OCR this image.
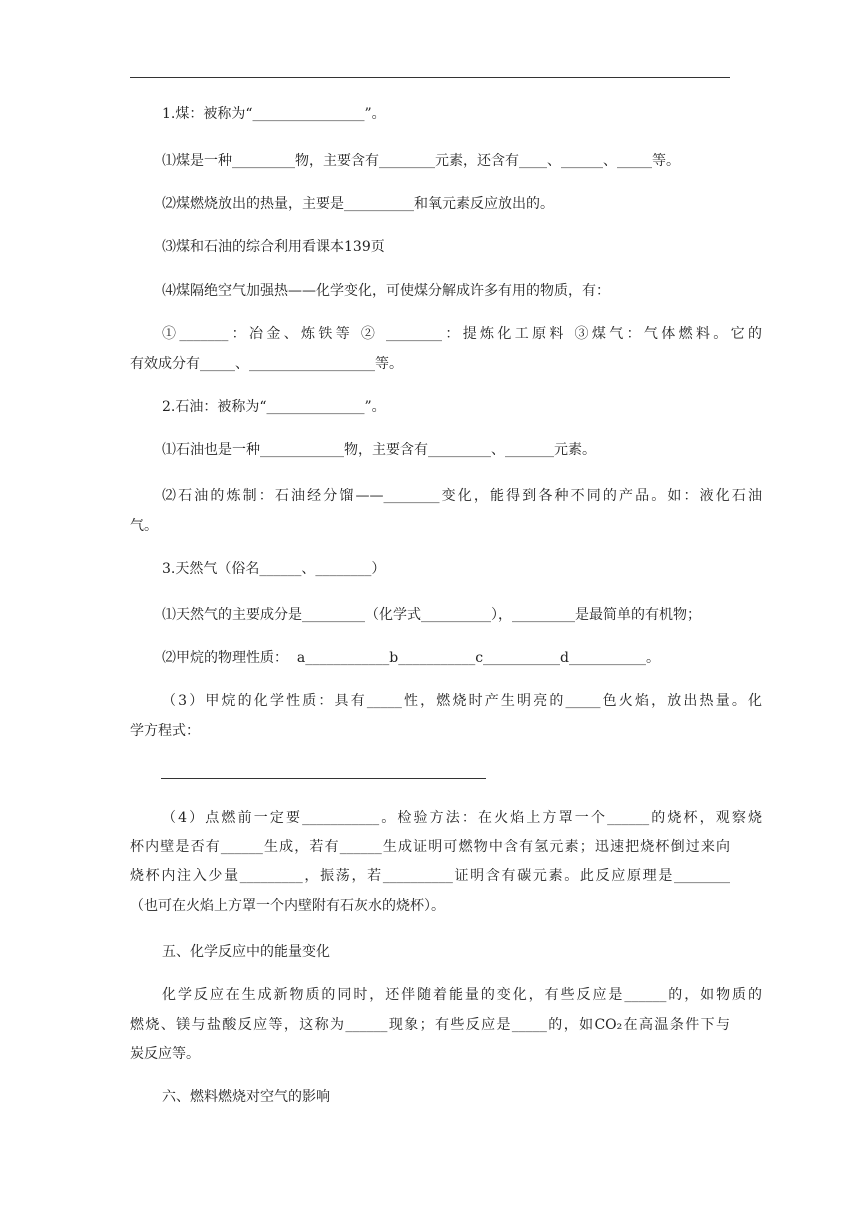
1.煤：被称为“________________”。
⑴煤是一种_________物，主要含有________元素，还含有____、______、_____等。
⑵煤燃烧放出的热量，主要是__________和氧元素反应放出的。
⑶煤和石油的综合利用看课本139页
⑷煤隔绝空气加强热——化学变化，可使煤分解成许多有用的物质，有：
①_______：冶金、炼铁等 ② ________：提炼化工原料 ③煤气：气体燃料。它的
有效成分有_____、__________________等。
2.石油：被称为“______________”。
⑴石油也是一种____________物，主要含有_________、_______元素。
⑵石油的炼制：石油经分馏——________变化，能得到各种不同的产品。如：液化石油
气。
3.天然气（俗名______、________）
⑴天然气的主要成分是_________（化学式__________），_________是最简单的有机物；
⑵甲烷的物理性质：  a____________b___________c___________d___________。
（3）甲烷的化学性质：具有_____性，燃烧时产生明亮的_____色火焰，放出热量。化
学方程式：
（4）点燃前一定要___________。检验方法：在火焰上方罩一个______的烧杯，观察烧
杯内壁是否有______生成，若有______生成证明可燃物中含有氢元素；迅速把烧杯倒过来向
烧杯内注入少量_________，振荡，若__________证明含有碳元素。此反应原理是________
（也可在火焰上方罩一个内壁附有石灰水的烧杯）。
五、化学反应中的能量变化
化学反应在生成新物质的同时，还伴随着能量的变化，有些反应是______的，如物质的
燃烧、镁与盐酸反应等，这称为______现象；有些反应是_____的，如CO₂在高温条件下与
炭反应等。
六、燃料燃烧对空气的影响
